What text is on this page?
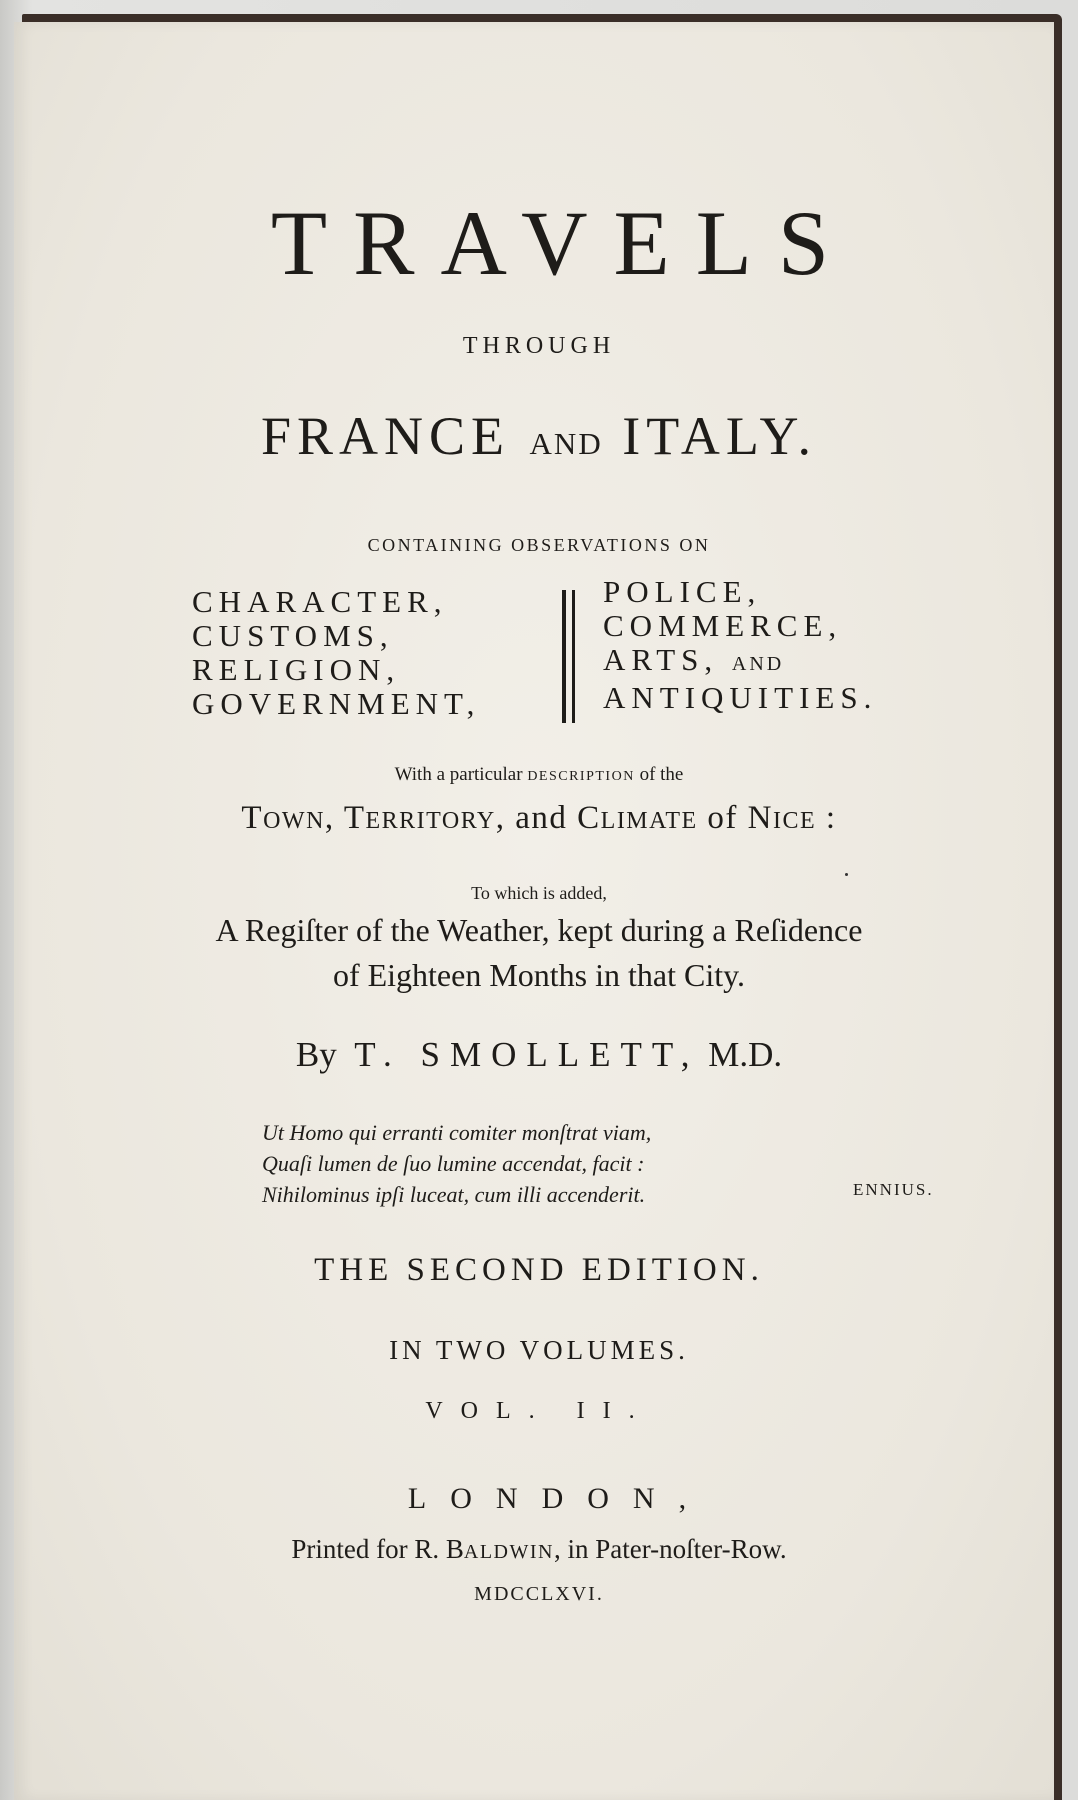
TRAVELS
THROUGH
FRANCE AND ITALY.
CONTAINING OBSERVATIONS ON
CHARACTER,
CUSTOMS,
RELIGION,
GOVERNMENT,
POLICE,
COMMERCE,
ARTS, AND
ANTIQUITIES.
With a particular DESCRIPTION of the
TOWN, TERRITORY, and CLIMATE of NICE :
To which is added,
A Regiſter of the Weather, kept during a Reſidence
of Eighteen Months in that City.
By T. SMOLLETT, M.D.
Ut Homo qui erranti comiter monſtrat viam,
Quaſi lumen de ſuo lumine accendat, facit :
Nihilominus ipſi luceat, cum illi accenderit.	ENNIUS.
THE SECOND EDITION.
IN TWO VOLUMES.
VOL. II.
LONDON,
Printed for R. BALDWIN, in Pater-noſter-Row.
MDCCLXVI.
